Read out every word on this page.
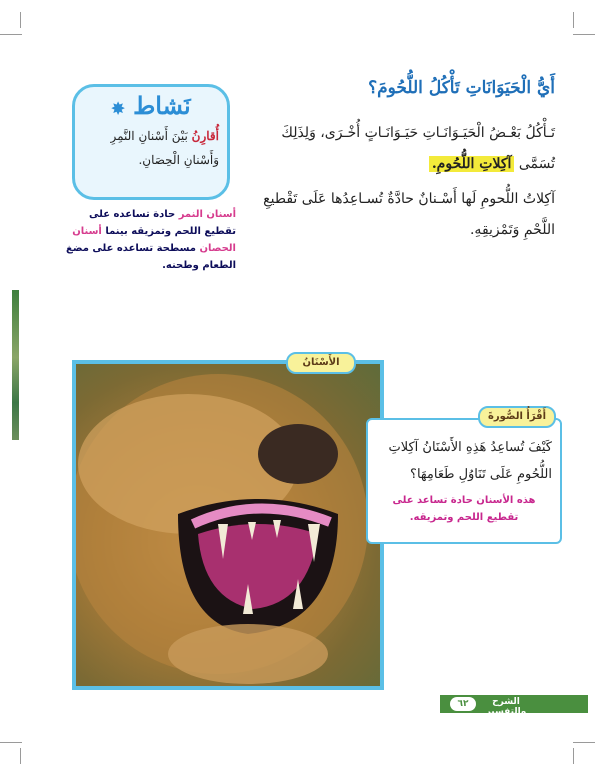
أَيُّ الْحَيَوَانَاتِ تَأْكُلُ اللُّحُومَ؟
تَـأْكُلُ بَعْـضُ الْحَيَـوَانَـاتِ حَيَـوَانَـاتٍ أُخْـرَى، وَلِذَلِكَ
تُسَمَّى آكِلاتِ اللُّحُومِ.
آكِلاتُ اللُّحومِ لَها أَسْـنانٌ حادَّةٌ تُسـاعِدُها عَلَى تَقْطيعِ
اللَّحْمِ وَتَمْزيقِهِ.
نَشاط ✸
أُقارِنُ بَيْنَ أَسْنانِ النَّمِرِ
وَأَسْنانِ الْحِصَانِ.
أسنان النمر حادة تساعده على تقطيع اللحم وتمزيقه بينما أسنان الحصان مسطحة تساعده على مضغ الطعام وطحنه.
الأَسْنَانُ
كَيْفَ تُساعِدُ هَذِهِ الأَسْنَانُ آكِلاتِ
اللُّحُومِ عَلَى تَنَاوُلِ طَعَامِهَا؟
هذه الأسنان حادة تساعد على تقطيع اللحم وتمزيقه.
أَقْرَأُ الصُّورةَ
الشرح والتفسير
٦٢
